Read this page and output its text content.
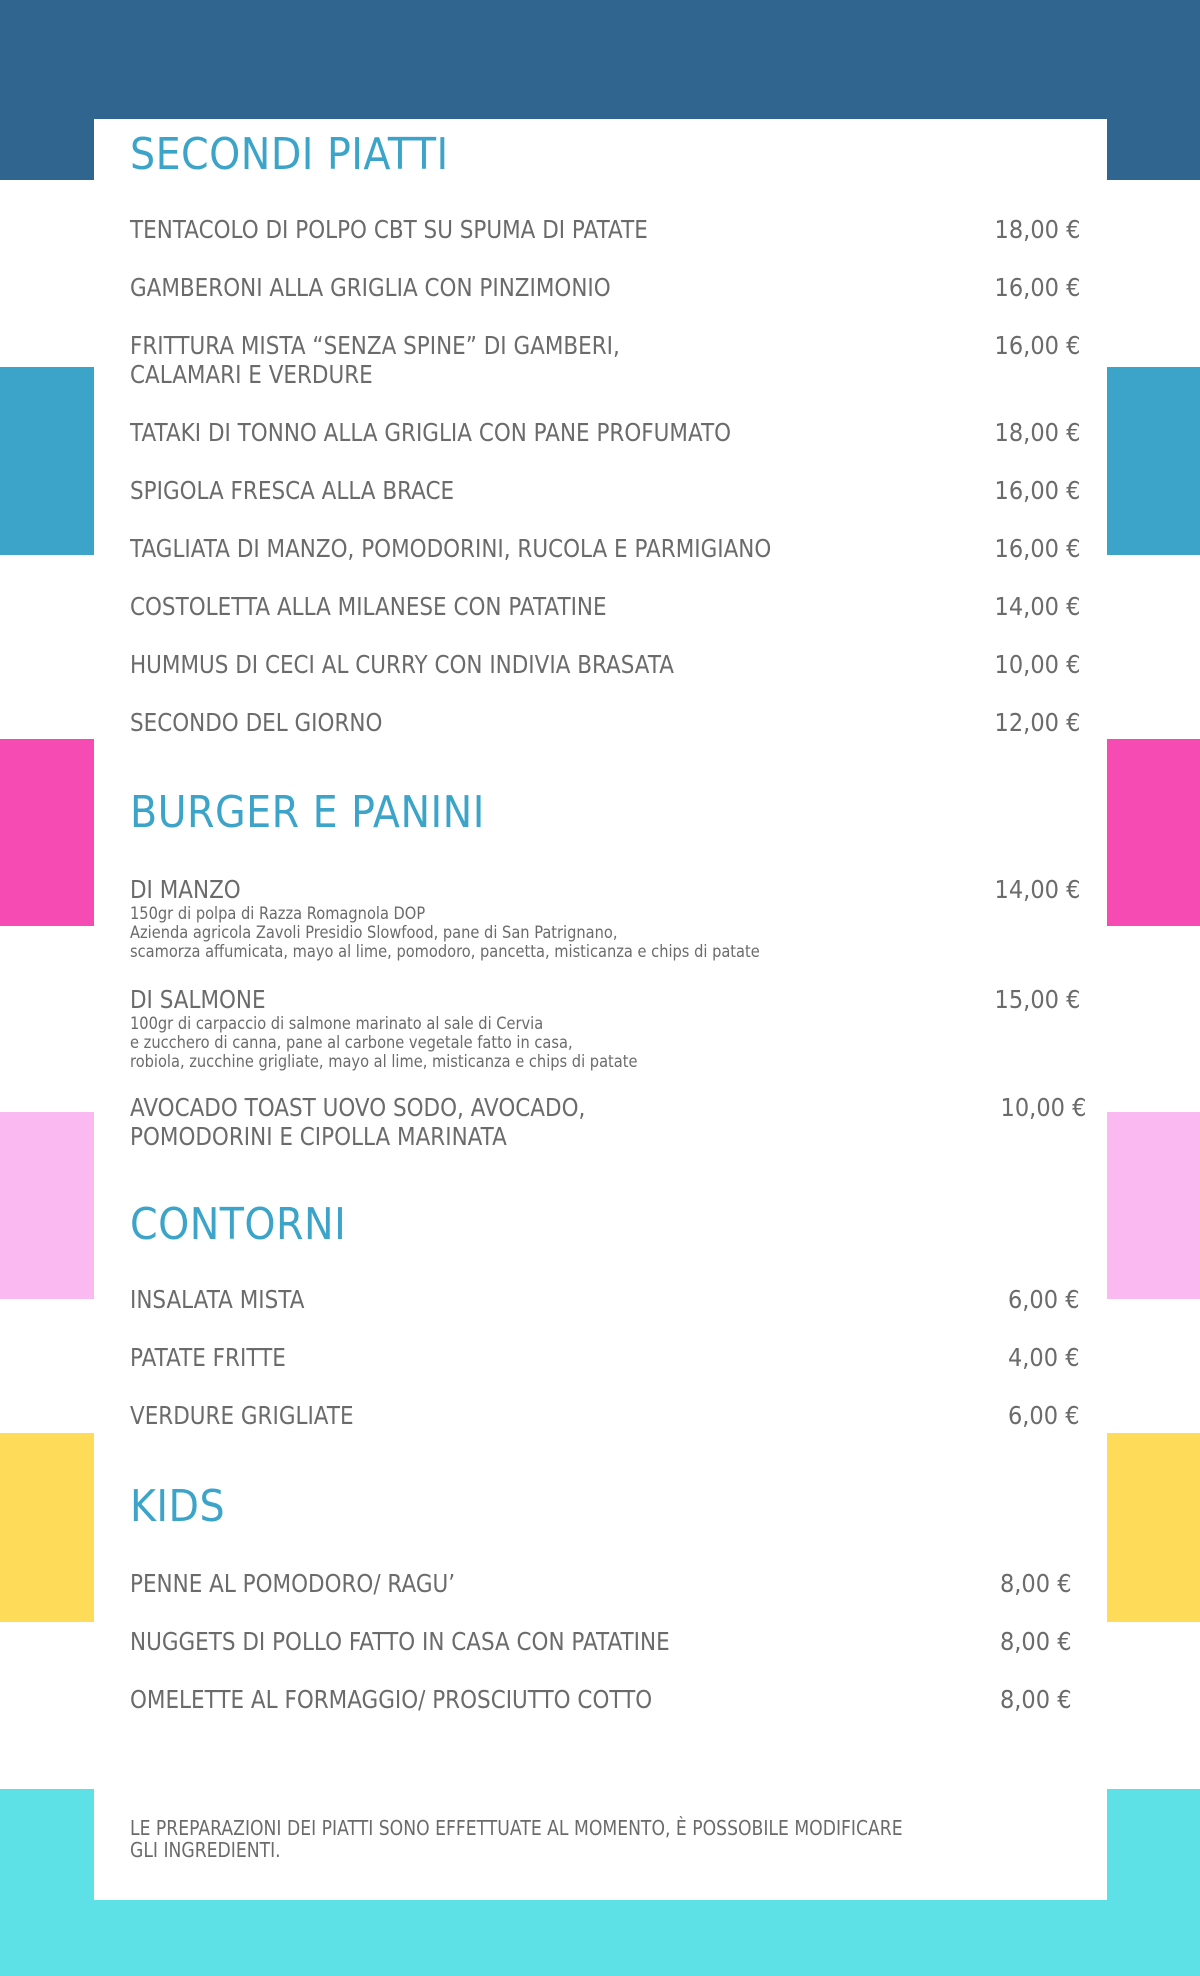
SECONDI PIATTI
TENTACOLO DI POLPO CBT SU SPUMA DI PATATE	18,00 €
GAMBERONI ALLA GRIGLIA CON PINZIMONIO	16,00 €
FRITTURA MISTA “SENZA SPINE” DI GAMBERI,
CALAMARI E VERDURE
16,00 €
TATAKI DI TONNO ALLA GRIGLIA CON PANE PROFUMATO	18,00 €
SPIGOLA FRESCA ALLA BRACE	16,00 €
TAGLIATA DI MANZO, POMODORINI, RUCOLA E PARMIGIANO	16,00 €
COSTOLETTA ALLA MILANESE CON PATATINE	14,00 €
HUMMUS DI CECI AL CURRY CON INDIVIA BRASATA	10,00 €
SECONDO DEL GIORNO	12,00 €
BURGER E PANINI
DI MANZO
150gr di polpa di Razza Romagnola DOP
Azienda agricola Zavoli Presidio Slowfood, pane di San Patrignano,
scamorza affumicata, mayo al lime, pomodoro, pancetta, misticanza e chips di patate
14,00 €
DI SALMONE
100gr di carpaccio di salmone marinato al sale di Cervia
e zucchero di canna, pane al carbone vegetale fatto in casa,
robiola, zucchine grigliate, mayo al lime, misticanza e chips di patate
15,00 €
AVOCADO TOAST UOVO SODO, AVOCADO,
POMODORINI E CIPOLLA MARINATA
10,00 €
CONTORNI
INSALATA MISTA	6,00 €
PATATE FRITTE	4,00 €
VERDURE GRIGLIATE	6,00 €
KIDS
PENNE AL POMODORO/ RAGU’	8,00 €
NUGGETS DI POLLO FATTO IN CASA CON PATATINE	8,00 €
OMELETTE AL FORMAGGIO/ PROSCIUTTO COTTO	8,00 €
LE PREPARAZIONI DEI PIATTI SONO EFFETTUATE AL MOMENTO, È POSSOBILE MODIFICARE
GLI INGREDIENTI.
